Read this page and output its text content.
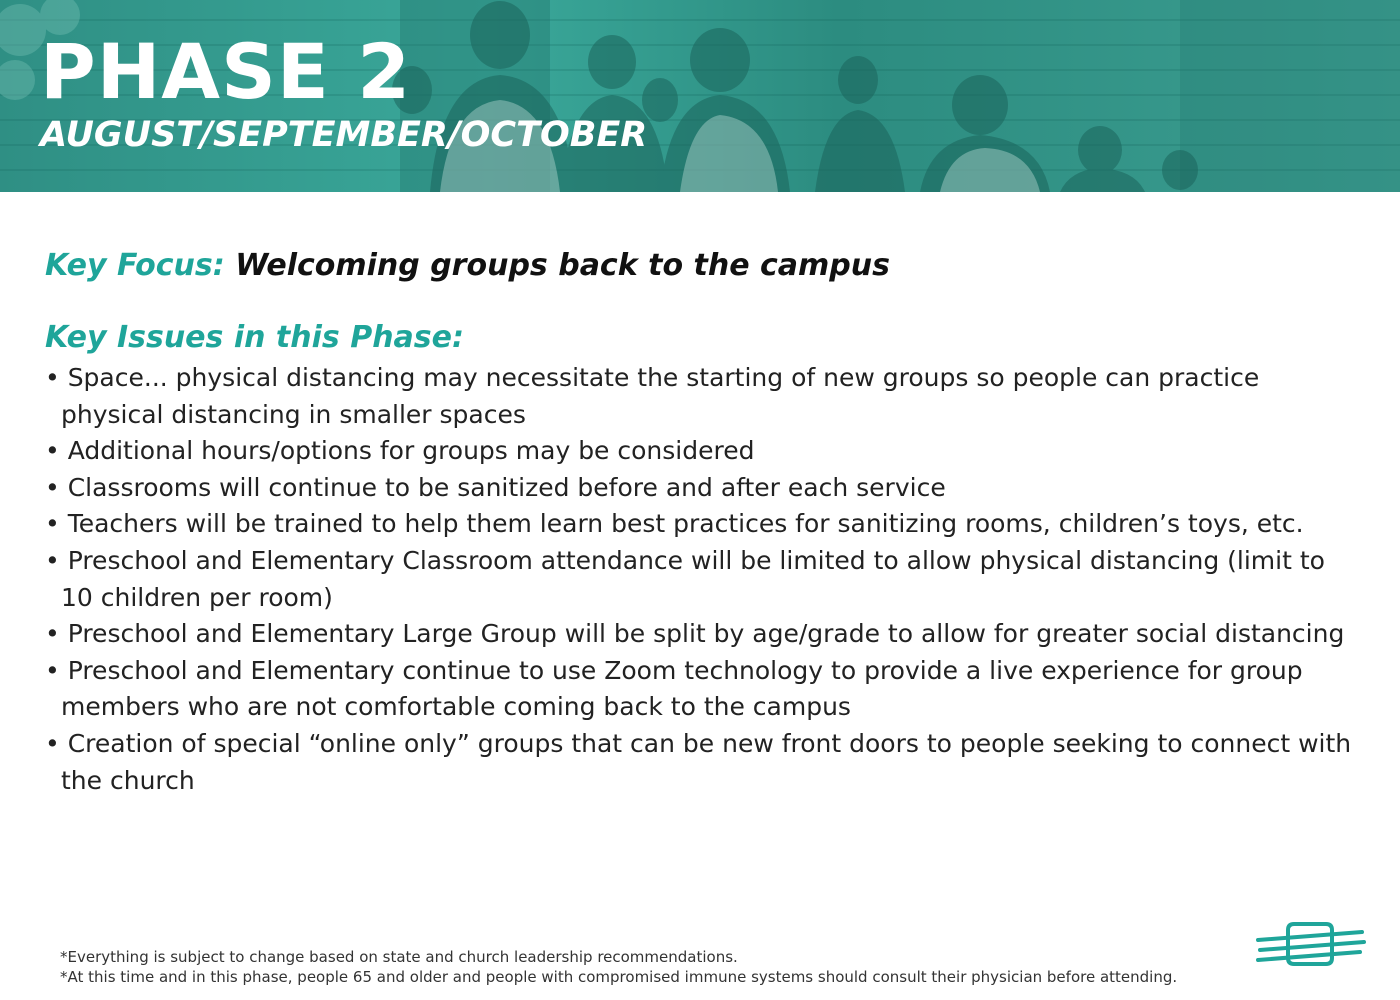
PHASE 2
AUGUST/SEPTEMBER/OCTOBER
Key Focus: Welcoming groups back to the campus
Key Issues in this Phase:
• Space... physical distancing may necessitate the starting of new groups so people can practice physical distancing in smaller spaces
• Additional hours/options for groups may be considered
• Classrooms will continue to be sanitized before and after each service
• Teachers will be trained to help them learn best practices for sanitizing rooms, children’s toys, etc.
• Preschool and Elementary Classroom attendance will be limited to allow physical distancing (limit to 10 children per room)
• Preschool and Elementary Large Group will be split by age/grade to allow for greater social distancing
• Preschool and Elementary continue to use Zoom technology to provide a live experience for group members who are not comfortable coming back to the campus
• Creation of special “online only” groups that can be new front doors to people seeking to connect with the church
*Everything is subject to change based on state and church leadership recommendations.
*At this time and in this phase, people 65 and older and people with compromised immune systems should consult their physician before attending.
